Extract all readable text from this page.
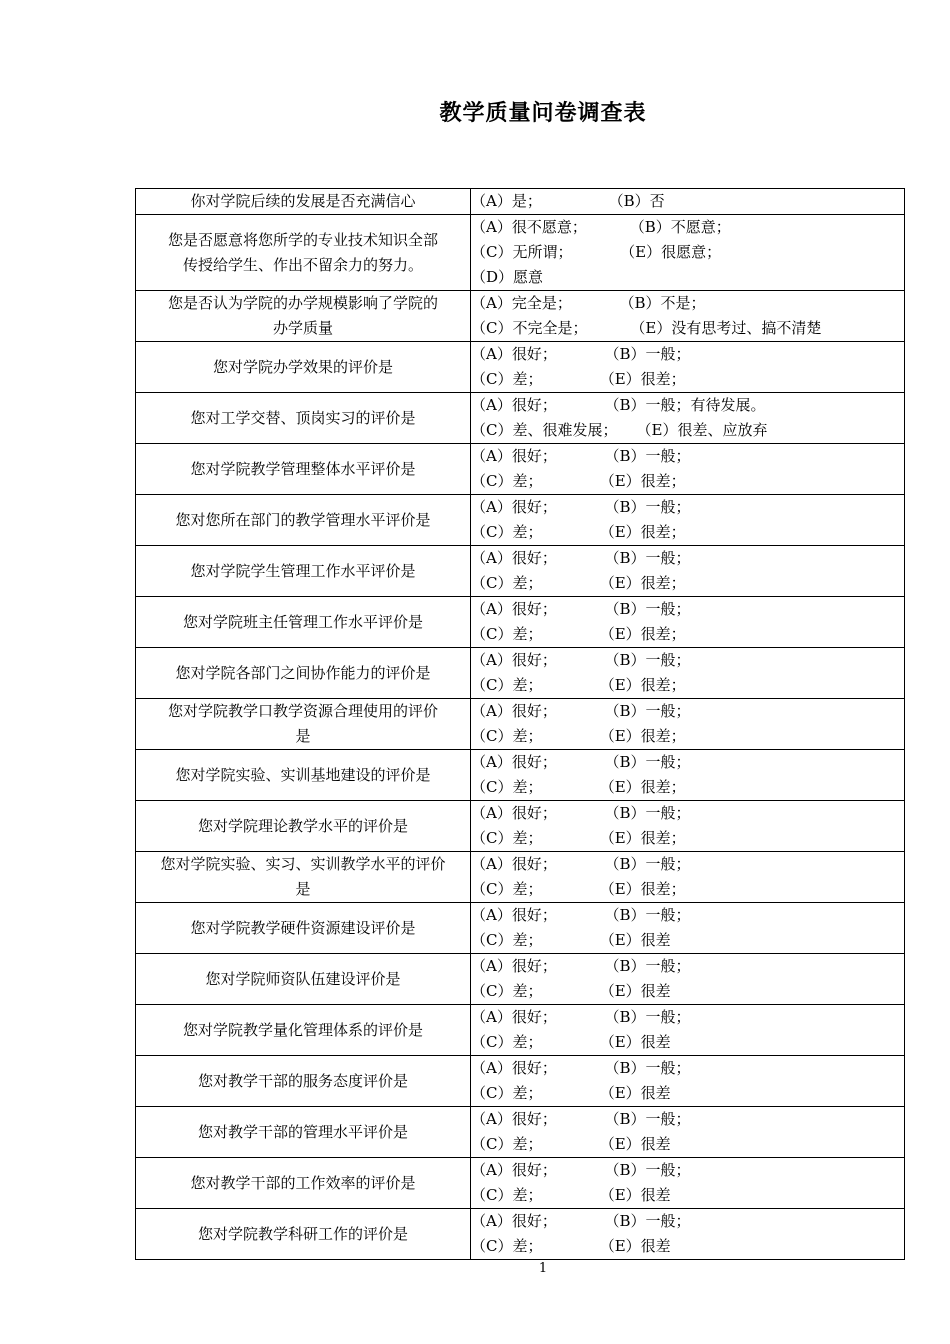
教学质量问卷调查表
你对学院后续的发展是否充满信心	（A）是；              （B）否

您是否愿意将您所学的专业技术知识全部
传授给学生、作出不留余力的努力。	（A）很不愿意；         （B）不愿意；
（C）无所谓；          （E）很愿意；
（D）愿意

您是否认为学院的办学规模影响了学院的
办学质量	（A）完全是；          （B）不是；
（C）不完全是；         （E）没有思考过、搞不清楚

您对学院办学效果的评价是	（A）很好；          （B）一般；
（C）差；            （E）很差；

您对工学交替、顶岗实习的评价是	（A）很好；          （B）一般；有待发展。
（C）差、很难发展；    （E）很差、应放弃

您对学院教学管理整体水平评价是	（A）很好；          （B）一般；
（C）差；            （E）很差；

您对您所在部门的教学管理水平评价是	（A）很好；          （B）一般；
（C）差；            （E）很差；

您对学院学生管理工作水平评价是	（A）很好；          （B）一般；
（C）差；            （E）很差；

您对学院班主任管理工作水平评价是	（A）很好；          （B）一般；
（C）差；            （E）很差；

您对学院各部门之间协作能力的评价是	（A）很好；          （B）一般；
（C）差；            （E）很差；

您对学院教学口教学资源合理使用的评价
是	（A）很好；          （B）一般；
（C）差；            （E）很差；

您对学院实验、实训基地建设的评价是	（A）很好；          （B）一般；
（C）差；            （E）很差；

您对学院理论教学水平的评价是	（A）很好；          （B）一般；
（C）差；            （E）很差；

您对学院实验、实习、实训教学水平的评价
是	（A）很好；          （B）一般；
（C）差；            （E）很差；

您对学院教学硬件资源建设评价是	（A）很好；          （B）一般；
（C）差；            （E）很差

您对学院师资队伍建设评价是	（A）很好；          （B）一般；
（C）差；            （E）很差

您对学院教学量化管理体系的评价是	（A）很好；          （B）一般；
（C）差；            （E）很差

您对教学干部的服务态度评价是	（A）很好；          （B）一般；
（C）差；            （E）很差

您对教学干部的管理水平评价是	（A）很好；          （B）一般；
（C）差；            （E）很差

您对教学干部的工作效率的评价是	（A）很好；          （B）一般；
（C）差；            （E）很差

您对学院教学科研工作的评价是	（A）很好；          （B）一般；
（C）差；            （E）很差
1
